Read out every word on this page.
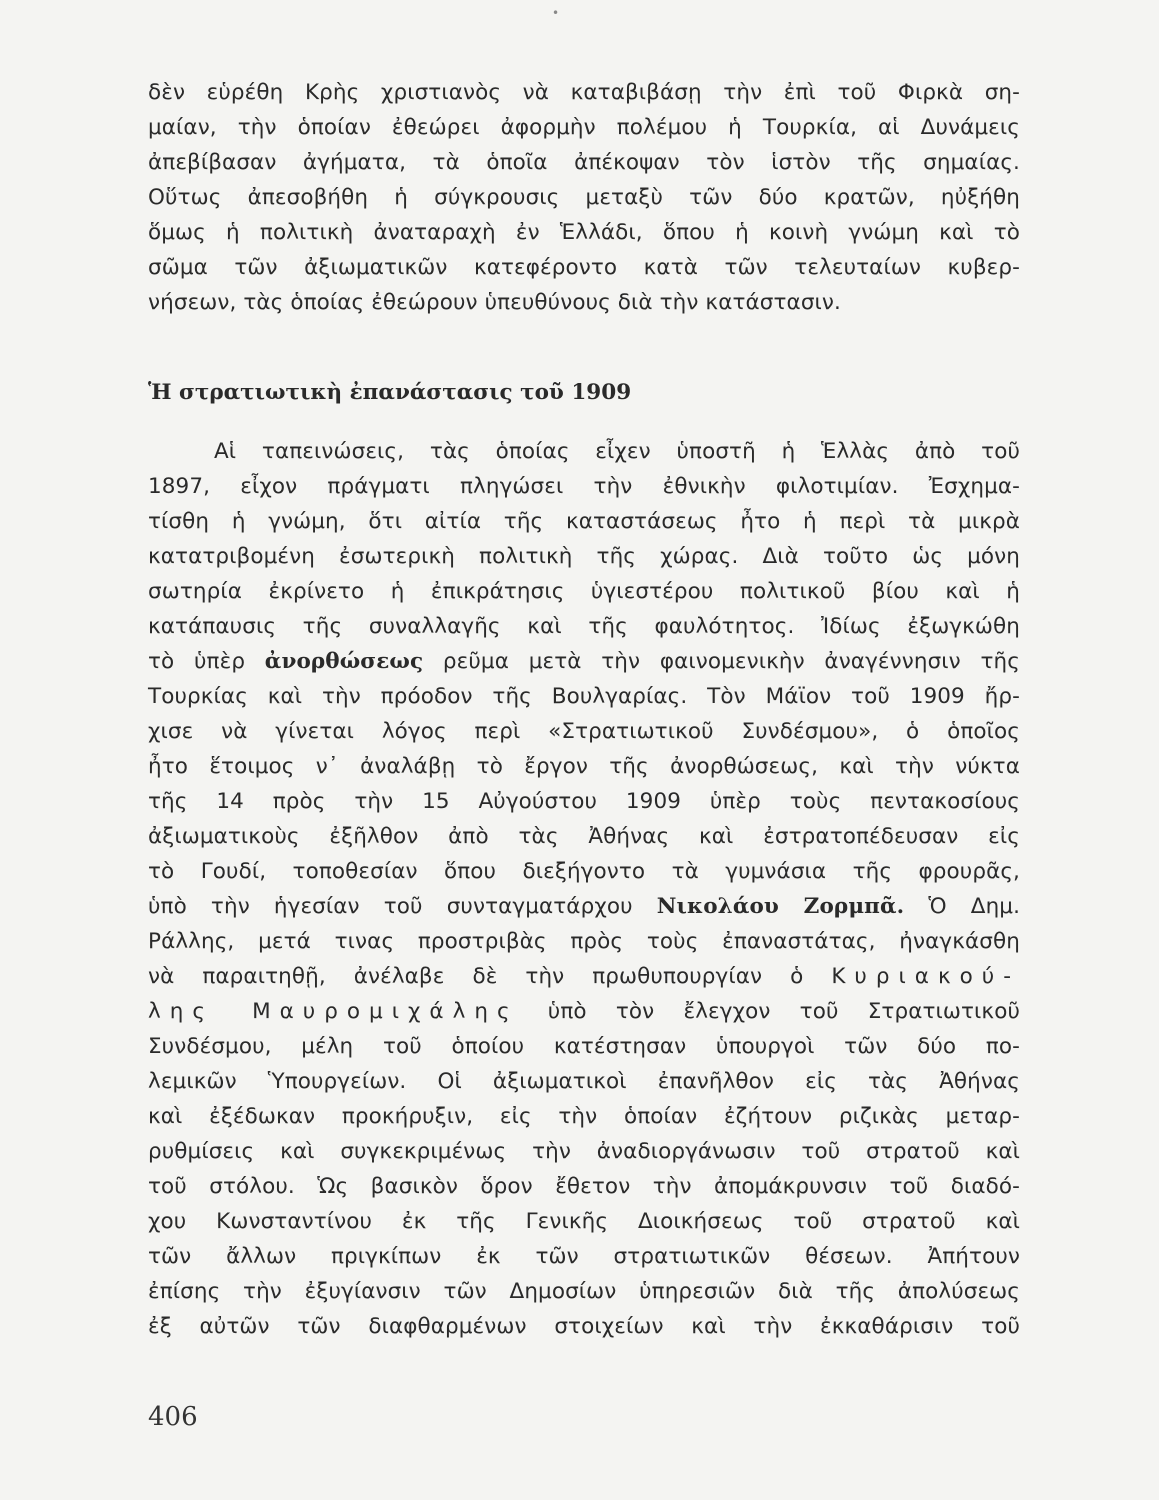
•
δὲν εὑρέθη Κρὴς χριστιανὸς νὰ καταβιβάσῃ τὴν ἐπὶ τοῦ Φιρκὰ ση-
μαίαν, τὴν ὁποίαν ἐθεώρει ἀφορμὴν πολέμου ἡ Τουρκία, αἱ Δυνάμεις
ἀπεβίβασαν ἀγήματα, τὰ ὁποῖα ἀπέκοψαν τὸν ἱστὸν τῆς σημαίας.
Οὕτως ἀπεσοβήθη ἡ σύγκρουσις μεταξὺ τῶν δύο κρατῶν, ηὐξήθη
ὅμως ἡ πολιτικὴ ἀναταραχὴ ἐν Ἑλλάδι, ὅπου ἡ κοινὴ γνώμη καὶ τὸ
σῶμα τῶν ἀξιωματικῶν κατεφέροντο κατὰ τῶν τελευταίων κυβερ-
νήσεων, τὰς ὁποίας ἐθεώρουν ὑπευθύνους διὰ τὴν κατάστασιν.
Ἡ στρατιωτικὴ ἐπανάστασις τοῦ 1909
Αἱ ταπεινώσεις, τὰς ὁποίας εἶχεν ὑποστῆ ἡ Ἑλλὰς ἀπὸ τοῦ
1897, εἶχον πράγματι πληγώσει τὴν ἐθνικὴν φιλοτιμίαν. Ἐσχημα-
τίσθη ἡ γνώμη, ὅτι αἰτία τῆς καταστάσεως ἦτο ἡ περὶ τὰ μικρὰ
κατατριβομένη ἐσωτερικὴ πολιτικὴ τῆς χώρας. Διὰ τοῦτο ὡς μόνη
σωτηρία ἐκρίνετο ἡ ἐπικράτησις ὑγιεστέρου πολιτικοῦ βίου καὶ ἡ
κατάπαυσις τῆς συναλλαγῆς καὶ τῆς φαυλότητος. Ἰδίως ἐξωγκώθη
τὸ ὑπὲρ ἀνορθώσεως ρεῦμα μετὰ τὴν φαινομενικὴν ἀναγέννησιν τῆς
Τουρκίας καὶ τὴν πρόοδον τῆς Βουλγαρίας. Τὸν Μάϊον τοῦ 1909 ἤρ-
χισε νὰ γίνεται λόγος περὶ «Στρατιωτικοῦ Συνδέσμου», ὁ ὁποῖος
ἦτο ἕτοιμος ν᾽ ἀναλάβῃ τὸ ἔργον τῆς ἀνορθώσεως, καὶ τὴν νύκτα
τῆς 14 πρὸς τὴν 15 Αὐγούστου 1909 ὑπὲρ τοὺς πεντακοσίους
ἀξιωματικοὺς ἐξῆλθον ἀπὸ τὰς Ἀθήνας καὶ ἐστρατοπέδευσαν εἰς
τὸ Γουδί, τοποθεσίαν ὅπου διεξήγοντο τὰ γυμνάσια τῆς φρουρᾶς,
ὑπὸ τὴν ἡγεσίαν τοῦ συνταγματάρχου Νικολάου Ζορμπᾶ. Ὁ Δημ.
Ράλλης, μετά τινας προστριβὰς πρὸς τοὺς ἐπαναστάτας, ἠναγκάσθη
νὰ παραιτηθῇ, ἀνέλαβε δὲ τὴν πρωθυπουργίαν ὁ Κυριακού-
λης Μαυρομιχάλης ὑπὸ τὸν ἔλεγχον τοῦ Στρατιωτικοῦ
Συνδέσμου, μέλη τοῦ ὁποίου κατέστησαν ὑπουργοὶ τῶν δύο πο-
λεμικῶν Ὑπουργείων. Οἱ ἀξιωματικοὶ ἐπανῆλθον εἰς τὰς Ἀθήνας
καὶ ἐξέδωκαν προκήρυξιν, εἰς τὴν ὁποίαν ἐζήτουν ριζικὰς μεταρ-
ρυθμίσεις καὶ συγκεκριμένως τὴν ἀναδιοργάνωσιν τοῦ στρατοῦ καὶ
τοῦ στόλου. Ὡς βασικὸν ὅρον ἔθετον τὴν ἀπομάκρυνσιν τοῦ διαδό-
χου Κωνσταντίνου ἐκ τῆς Γενικῆς Διοικήσεως τοῦ στρατοῦ καὶ
τῶν ἄλλων πριγκίπων ἐκ τῶν στρατιωτικῶν θέσεων. Ἀπήτουν
ἐπίσης τὴν ἐξυγίανσιν τῶν Δημοσίων ὑπηρεσιῶν διὰ τῆς ἀπολύσεως
ἐξ αὐτῶν τῶν διαφθαρμένων στοιχείων καὶ τὴν ἐκκαθάρισιν τοῦ
406
